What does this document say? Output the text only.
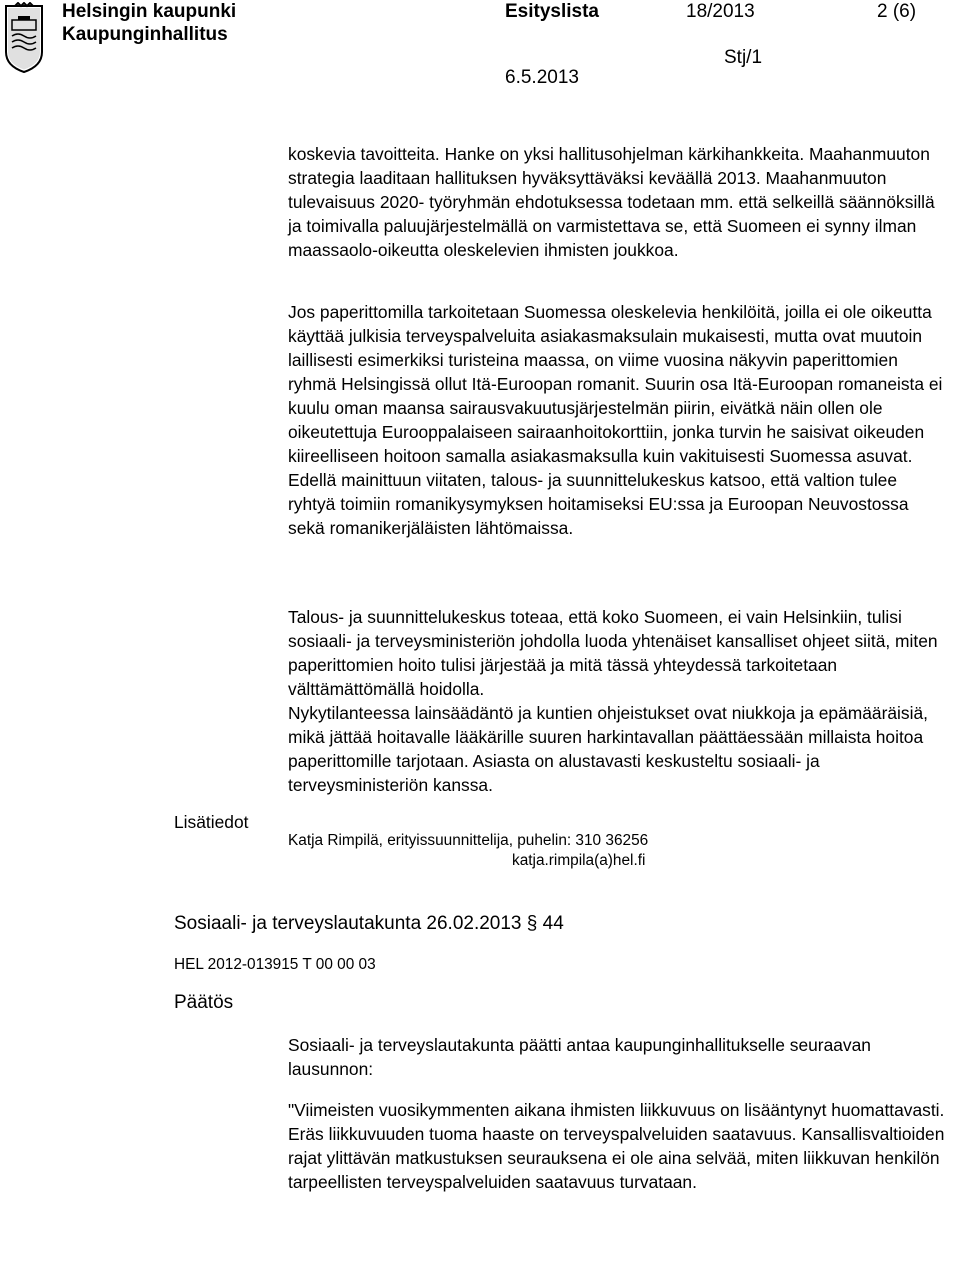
Helsingin kaupunki
Kaupunginhallitus
Esityslista	18/2013	2 (6)
Stj/1
6.5.2013

koskevia tavoitteita. Hanke on yksi hallitusohjelman kärkihankkeita. Maahanmuuton strategia laaditaan hallituksen hyväksyttäväksi keväällä 2013. Maahanmuuton tulevaisuus 2020- työryhmän ehdotuksessa todetaan mm. että selkeillä säännöksillä ja toimivalla paluujärjestelmällä on varmistettava se, että Suomeen ei synny ilman maassaolo-oikeutta oleskelevien ihmisten joukkoa.

Jos paperittomilla tarkoitetaan Suomessa oleskelevia henkilöitä, joilla ei ole oikeutta käyttää julkisia terveyspalveluita asiakasmaksulain mukaisesti, mutta ovat muutoin laillisesti esimerkiksi turisteina maassa, on viime vuosina näkyvin paperittomien ryhmä Helsingissä ollut Itä-Euroopan romanit. Suurin osa Itä-Euroopan romaneista ei kuulu oman maansa sairausvakuutusjärjestelmän piirin, eivätkä näin ollen ole oikeutettuja Eurooppalaiseen sairaanhoitokorttiin, jonka turvin he saisivat oikeuden kiireelliseen hoitoon samalla asiakasmaksulla kuin vakituisesti Suomessa asuvat. Edellä mainittuun viitaten, talous- ja suunnittelukeskus katsoo, että valtion tulee ryhtyä toimiin romanikysymyksen hoitamiseksi EU:ssa ja Euroopan Neuvostossa sekä romanikerjäläisten lähtömaissa.

Talous- ja suunnittelukeskus toteaa, että koko Suomeen, ei vain Helsinkiin, tulisi sosiaali- ja terveysministeriön johdolla luoda yhtenäiset kansalliset ohjeet siitä, miten paperittomien hoito tulisi järjestää ja mitä tässä yhteydessä tarkoitetaan välttämättömällä hoidolla.

Nykytilanteessa lainsäädäntö ja kuntien ohjeistukset ovat niukkoja ja epämääräisiä, mikä jättää hoitavalle lääkärille suuren harkintavallan päättäessään millaista hoitoa paperittomille tarjotaan. Asiasta on alustavasti keskusteltu sosiaali- ja terveysministeriön kanssa.

Lisätiedot
Katja Rimpilä, erityissuunnittelija, puhelin: 310 36256
katja.rimpila(a)hel.fi
Sosiaali- ja terveyslautakunta 26.02.2013 § 44
HEL 2012-013915 T 00 00 03
Päätös

Sosiaali- ja terveyslautakunta päätti antaa kaupunginhallitukselle seuraavan lausunnon:

"Viimeisten vuosikymmenten aikana ihmisten liikkuvuus on lisääntynyt huomattavasti. Eräs liikkuvuuden tuoma haaste on terveyspalveluiden saatavuus. Kansallisvaltioiden rajat ylittävän matkustuksen seurauksena ei ole aina selvää, miten liikkuvan henkilön tarpeellisten terveyspalveluiden saatavuus turvataan.
